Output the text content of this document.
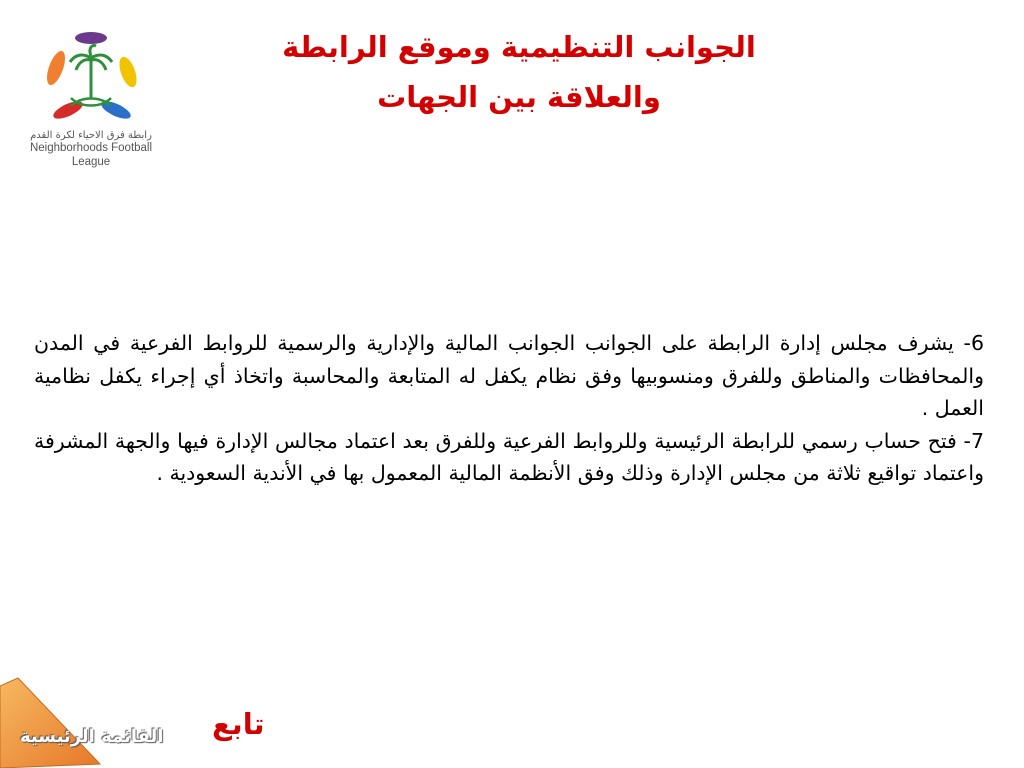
رابطة فرق الاحياء لكرة القدم
Neighborhoods Football League
الجوانب التنظيمية وموقع الرابطة
والعلاقة بين الجهات

6- يشرف مجلس إدارة الرابطة على الجوانب الجوانب المالية والإدارية والرسمية للروابط الفرعية في المدن والمحافظات والمناطق وللفرق ومنسوبيها وفق نظام يكفل له المتابعة والمحاسبة واتخاذ أي إجراء يكفل نظامية العمل .

7- فتح حساب رسمي للرابطة الرئيسية وللروابط الفرعية وللفرق بعد اعتماد مجالس الإدارة فيها والجهة المشرفة واعتماد تواقيع ثلاثة من مجلس الإدارة وذلك وفق الأنظمة المالية المعمول بها في الأندية السعودية .

القائمة الرئيسية تابع
